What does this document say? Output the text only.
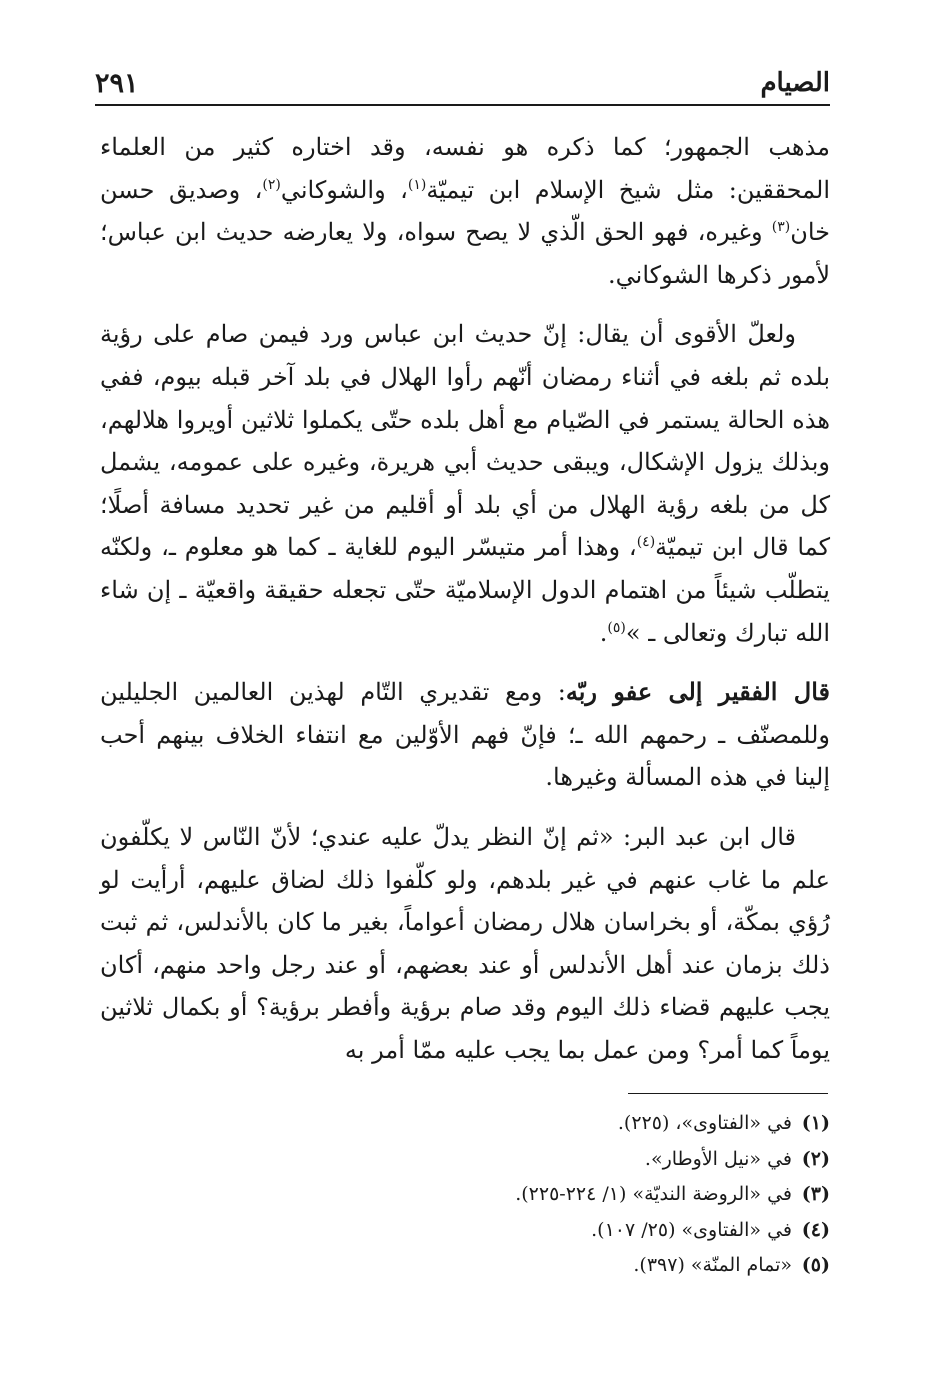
الصيام
٢٩١

مذهب الجمهور؛ كما ذكره هو نفسه، وقد اختاره كثير من العلماء المحققين: مثل شيخ الإسلام ابن تيميّة$^{(١)}$، والشوكاني$^{(٢)}$، وصديق حسن خان$^{(٣)}$ وغيره، فهو الحق الّذي لا يصح سواه، ولا يعارضه حديث ابن عباس؛ لأمور ذكرها الشوكاني.

ولعلّ الأقوى أن يقال: إنّ حديث ابن عباس ورد فيمن صام على رؤية بلده ثم بلغه في أثناء رمضان أنّهم رأوا الهلال في بلد آخر قبله بيوم، ففي هذه الحالة يستمر في الصّيام مع أهل بلده حتّى يكملوا ثلاثين أويروا هلالهم، وبذلك يزول الإشكال، ويبقى حديث أبي هريرة، وغيره على عمومه، يشمل كل من بلغه رؤية الهلال من أي بلد أو أقليم من غير تحديد مسافة أصلًا؛ كما قال ابن تيميّة$^{(٤)}$، وهذا أمر متيسّر اليوم للغاية ـ كما هو معلوم ـ، ولكنّه يتطلّب شيئاً من اهتمام الدول الإسلاميّة حتّى تجعله حقيقة واقعيّة ـ إن شاء الله تبارك وتعالى ـ »$^{(٥)}$.

قال الفقير إلى عفو ربّه: ومع تقديري التّام لهذين العالمين الجليلين وللمصنّف ـ رحمهم الله ـ؛ فإنّ فهم الأوّلين مع انتفاء الخلاف بينهم أحب إلينا في هذه المسألة وغيرها.

قال ابن عبد البر: «ثم إنّ النظر يدلّ عليه عندي؛ لأنّ النّاس لا يكلّفون علم ما غاب عنهم في غير بلدهم، ولو كلّفوا ذلك لضاق عليهم، أرأيت لو رُؤي بمكّة، أو بخراسان هلال رمضان أعواماً، بغير ما كان بالأندلس، ثم ثبت ذلك بزمان عند أهل الأندلس أو عند بعضهم، أو عند رجل واحد منهم، أكان يجب عليهم قضاء ذلك اليوم وقد صام برؤية وأفطر برؤية؟ أو بكمال ثلاثين يوماً كما أمر؟ ومن عمل بما يجب عليه ممّا أمر به

(١)
في «الفتاوى»، (٢٢٥).
(٢)
في «نيل الأوطار».
(٣)
في «الروضة النديّة» (١/ ٢٢٤-٢٢٥).
(٤)
في «الفتاوى» (٢٥/ ١٠٧).
(٥)
«تمام المنّة» (٣٩٧).
